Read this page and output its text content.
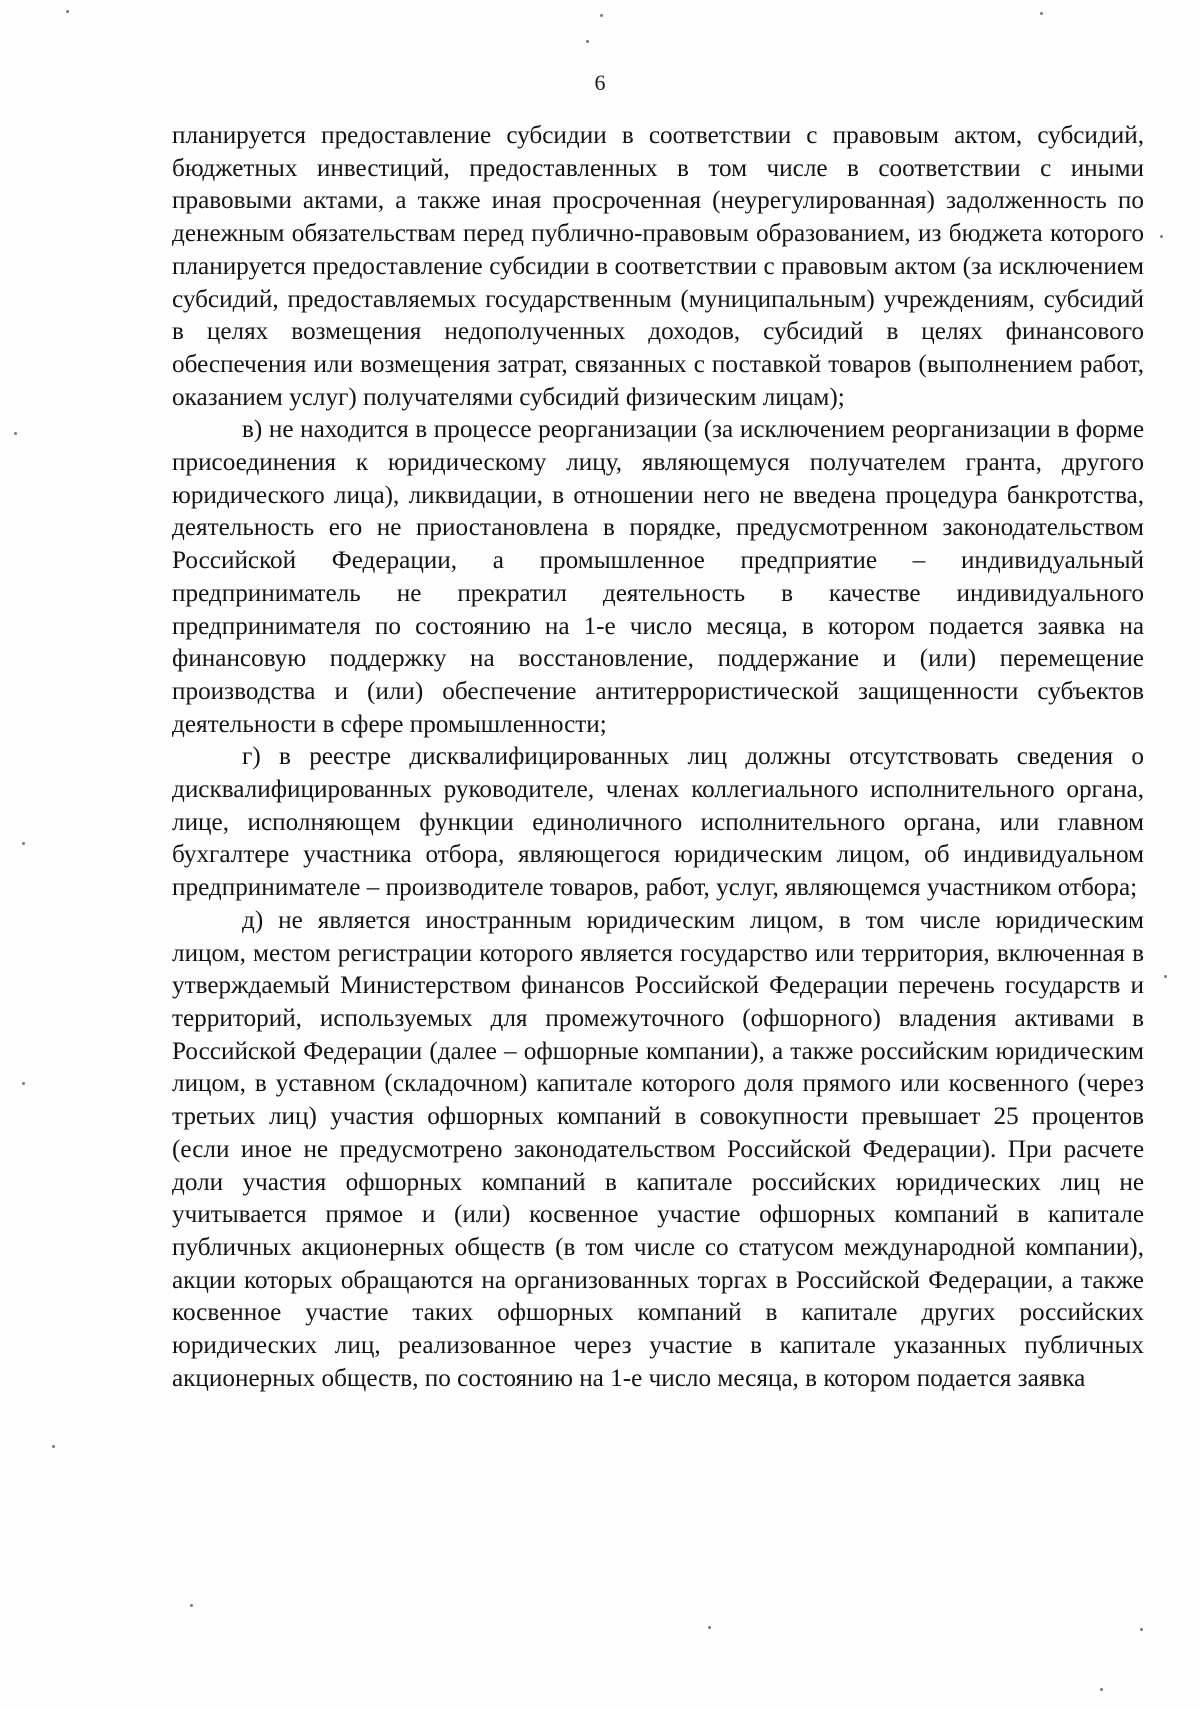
6

планируется предоставление субсидии в соответствии с правовым актом, субсидий, бюджетных инвестиций, предоставленных в том числе в соответствии с иными правовыми актами, а также иная просроченная (неурегулированная) задолженность по денежным обязательствам перед публично-правовым образованием, из бюджета которого планируется предоставление субсидии в соответствии с правовым актом (за исключением субсидий, предоставляемых государственным (муниципальным) учреждениям, субсидий в целях возмещения недополученных доходов, субсидий в целях финансового обеспечения или возмещения затрат, связанных с поставкой товаров (выполнением работ, оказанием услуг) получателями субсидий физическим лицам);

в) не находится в процессе реорганизации (за исключением реорганизации в форме присоединения к юридическому лицу, являющемуся получателем гранта, другого юридического лица), ликвидации, в отношении него не введена процедура банкротства, деятельность его не приостановлена в порядке, предусмотренном законодательством Российской Федерации, а промышленное предприятие – индивидуальный предприниматель не прекратил деятельность в качестве индивидуального предпринимателя по состоянию на 1-е число месяца, в котором подается заявка на финансовую поддержку на восстановление, поддержание и (или) перемещение производства и (или) обеспечение антитеррористической защищенности субъектов деятельности в сфере промышленности;

г) в реестре дисквалифицированных лиц должны отсутствовать сведения о дисквалифицированных руководителе, членах коллегиального исполнительного органа, лице, исполняющем функции единоличного исполнительного органа, или главном бухгалтере участника отбора, являющегося юридическим лицом, об индивидуальном предпринимателе – производителе товаров, работ, услуг, являющемся участником отбора;

д) не является иностранным юридическим лицом, в том числе юридическим лицом, местом регистрации которого является государство или территория, включенная в утверждаемый Министерством финансов Российской Федерации перечень государств и территорий, используемых для промежуточного (офшорного) владения активами в Российской Федерации (далее – офшорные компании), а также российским юридическим лицом, в уставном (складочном) капитале которого доля прямого или косвенного (через третьих лиц) участия офшорных компаний в совокупности превышает 25 процентов (если иное не предусмотрено законодательством Российской Федерации). При расчете доли участия офшорных компаний в капитале российских юридических лиц не учитывается прямое и (или) косвенное участие офшорных компаний в капитале публичных акционерных обществ (в том числе со статусом международной компании), акции которых обращаются на организованных торгах в Российской Федерации, а также косвенное участие таких офшорных компаний в капитале других российских юридических лиц, реализованное через участие в капитале указанных публичных акционерных обществ, по состоянию на 1-е число месяца, в котором подается заявка
